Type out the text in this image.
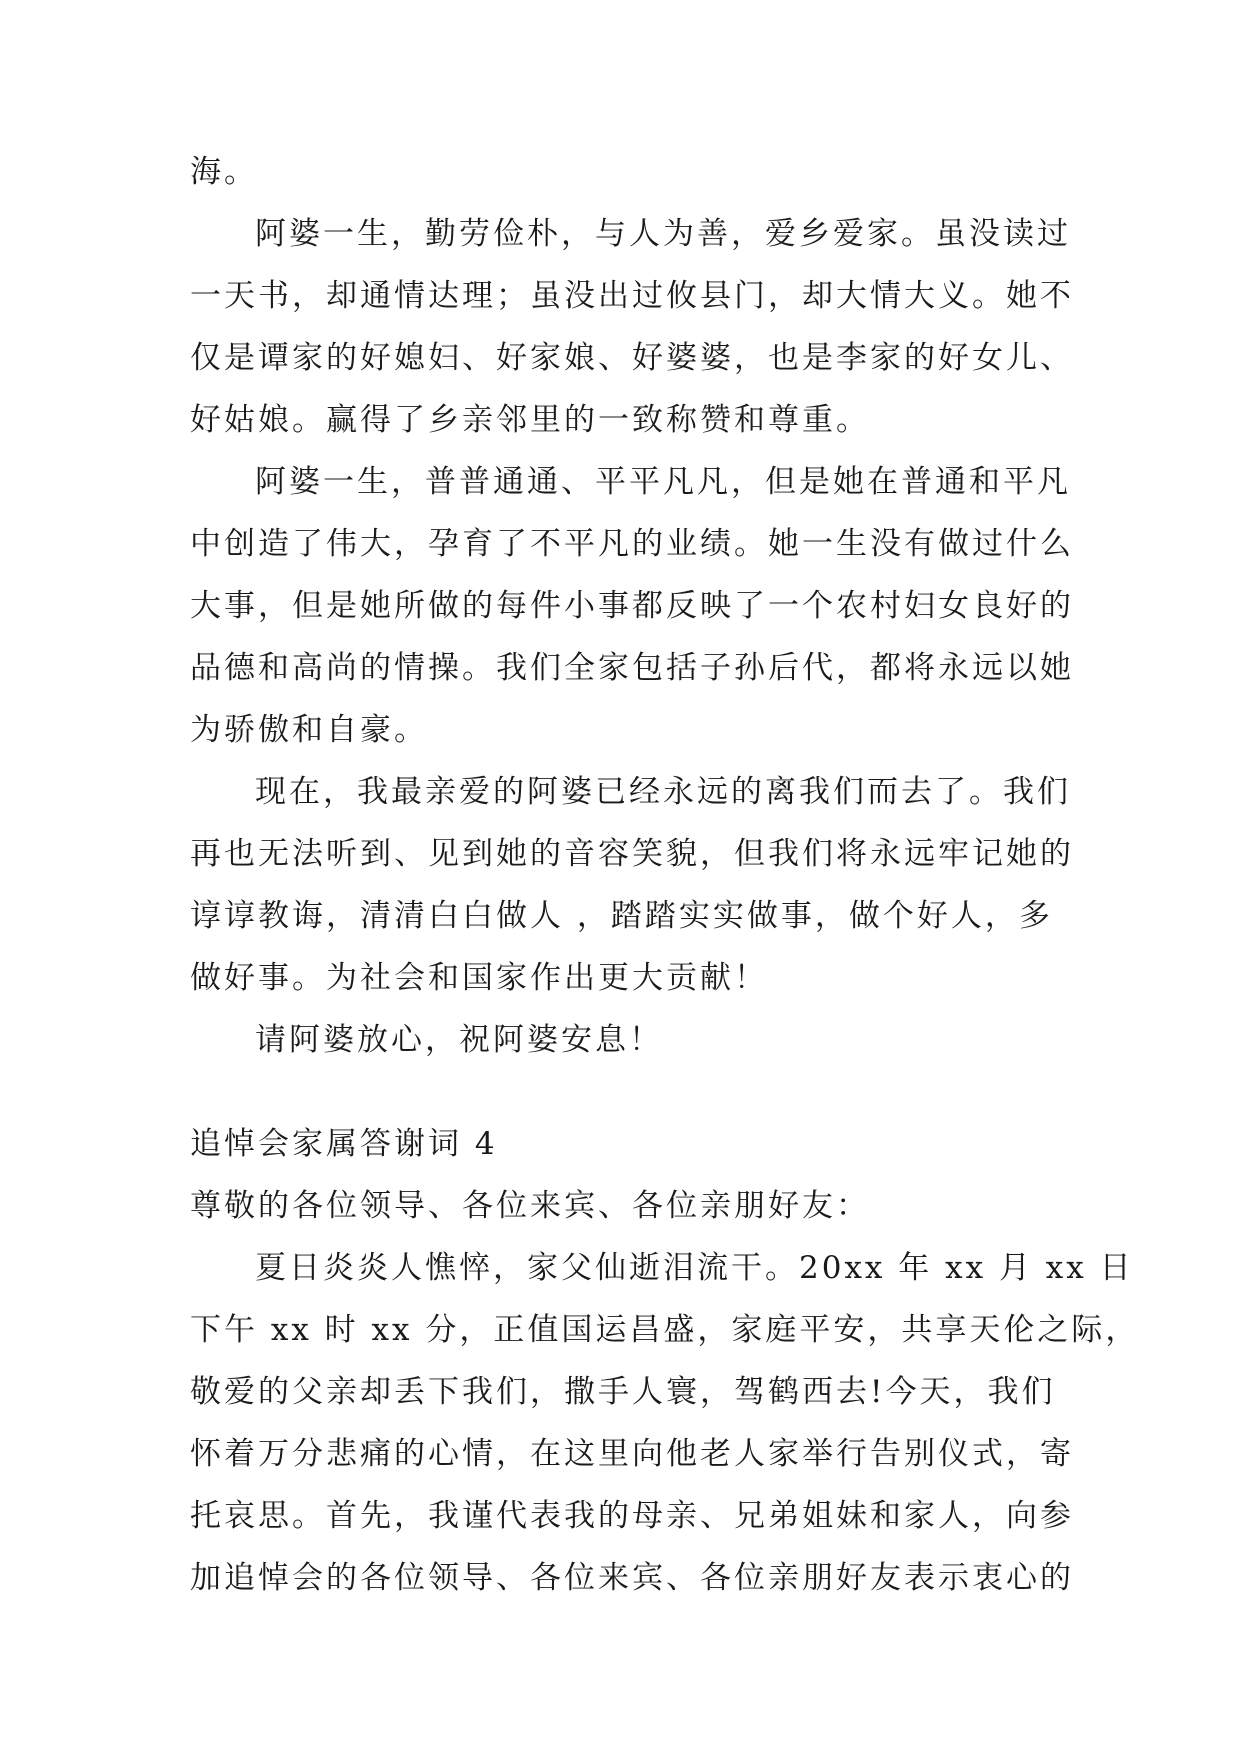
海。
阿婆一生，勤劳俭朴，与人为善，爱乡爱家。虽没读过
一天书，却通情达理；虽没出过攸县门，却大情大义。她不
仅是谭家的好媳妇、好家娘、好婆婆，也是李家的好女儿、
好姑娘。赢得了乡亲邻里的一致称赞和尊重。
阿婆一生，普普通通、平平凡凡，但是她在普通和平凡
中创造了伟大，孕育了不平凡的业绩。她一生没有做过什么
大事，但是她所做的每件小事都反映了一个农村妇女良好的
品德和高尚的情操。我们全家包括子孙后代，都将永远以她
为骄傲和自豪。
现在，我最亲爱的阿婆已经永远的离我们而去了。我们
再也无法听到、见到她的音容笑貌，但我们将永远牢记她的
谆谆教诲，清清白白做人 ，踏踏实实做事，做个好人，多
做好事。为社会和国家作出更大贡献！
请阿婆放心，祝阿婆安息！
追悼会家属答谢词 4
尊敬的各位领导、各位来宾、各位亲朋好友：
夏日炎炎人憔悴，家父仙逝泪流干。20xx 年 xx 月 xx 日
下午 xx 时 xx 分，正值国运昌盛，家庭平安，共享天伦之际，
敬爱的父亲却丢下我们，撒手人寰，驾鹤西去!今天，我们
怀着万分悲痛的心情，在这里向他老人家举行告别仪式，寄
托哀思。首先，我谨代表我的母亲、兄弟姐妹和家人，向参
加追悼会的各位领导、各位来宾、各位亲朋好友表示衷心的
